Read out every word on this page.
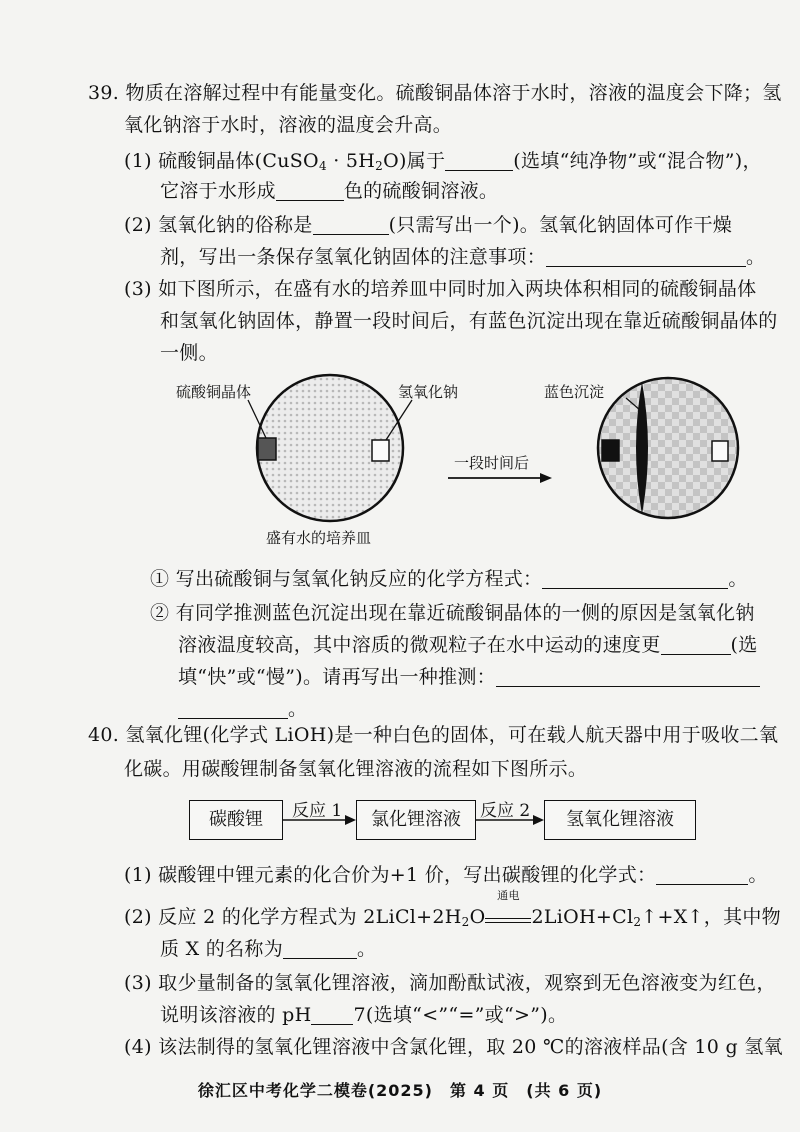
39. 物质在溶解过程中有能量变化。硫酸铜晶体溶于水时，溶液的温度会下降；氢
氧化钠溶于水时，溶液的温度会升高。
(1) 硫酸铜晶体(CuSO$_4$ · $5H_2O$)属于	(选填“纯净物”或“混合物”)，
它溶于水形成	色的硫酸铜溶液。
(2) 氢氧化钠的俗称是	(只需写出一个)。氢氧化钠固体可作干燥
剂，写出一条保存氢氧化钠固体的注意事项：	。
(3) 如下图所示，在盛有水的培养皿中同时加入两块体积相同的硫酸铜晶体
和氢氧化钠固体，静置一段时间后，有蓝色沉淀出现在靠近硫酸铜晶体的
一侧。
硫酸铜晶体	氢氧化钠	蓝色沉淀
一段时间后
盛有水的培养皿
① 写出硫酸铜与氢氧化钠反应的化学方程式：	。
② 有同学推测蓝色沉淀出现在靠近硫酸铜晶体的一侧的原因是氢氧化钠
溶液温度较高，其中溶质的微观粒子在水中运动的速度更	(选
填“快”或“慢”)。请再写出一种推测：
。
40. 氢氧化锂(化学式 LiOH)是一种白色的固体，可在载人航天器中用于吸收二氧
化碳。用碳酸锂制备氢氧化锂溶液的流程如下图所示。
碳酸锂	氯化锂溶液	氢氧化锂溶液
反应 1	反应 2
(1) 碳酸锂中锂元素的化合价为+1 价，写出碳酸锂的化学式：	。
(2) 反应 2 的化学方程式为 $2LiCl+2H_2O$
通电
$2LiOH+Cl_2↑+X↑$，其中物
质 X 的名称为	。
(3) 取少量制备的氢氧化锂溶液，滴加酚酞试液，观察到无色溶液变为红色，
说明该溶液的 pH 7(选填“<”“=”或“>”)。
(4) 该法制得的氢氧化锂溶液中含氯化锂，取 20 ℃的溶液样品(含 10 g 氢氧
徐汇区中考化学二模卷(2025)　第 4 页　(共 6 页)
